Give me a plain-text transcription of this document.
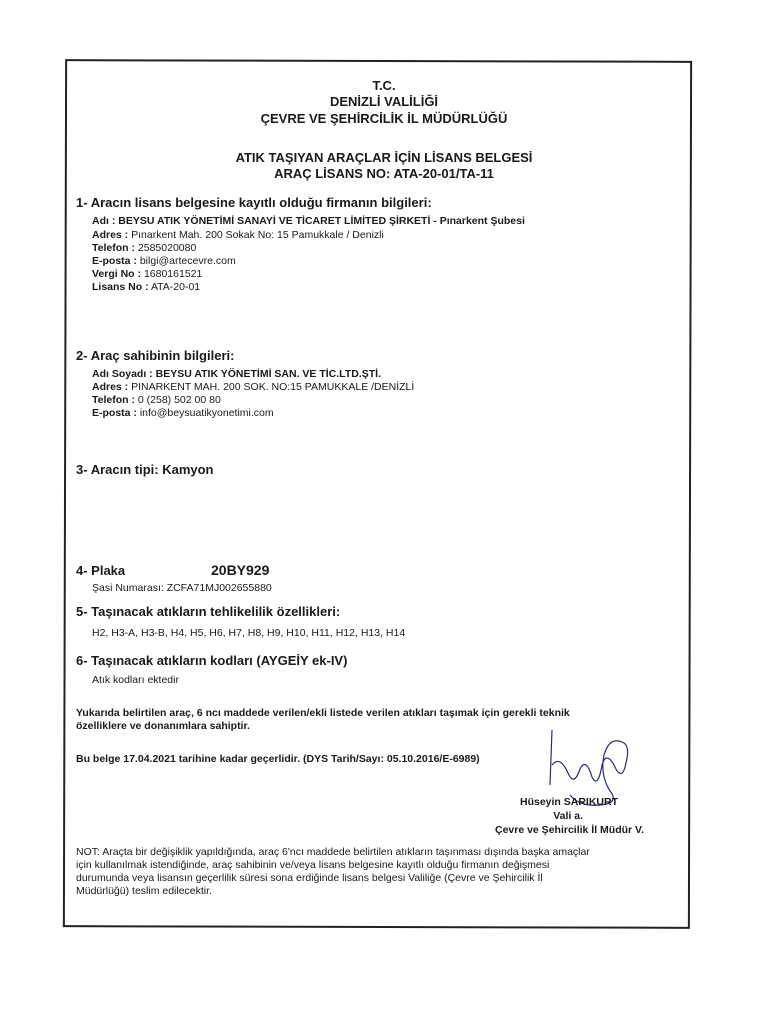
T.C.
DENİZLİ VALİLİĞİ
ÇEVRE VE ŞEHİRCİLİK İL MÜDÜRLÜĞÜ
ATIK TAŞIYAN ARAÇLAR İÇİN LİSANS BELGESİ
ARAÇ LİSANS NO: ATA-20-01/TA-11
1- Aracın lisans belgesine kayıtlı olduğu firmanın bilgileri:
Adı : BEYSU ATIK YÖNETİMİ SANAYİ VE TİCARET LİMİTED ŞİRKETİ - Pınarkent Şubesi
Adres : Pınarkent Mah. 200 Sokak No: 15 Pamukkale / Denizli
Telefon : 2585020080
E-posta : bilgi@artecevre.com
Vergi No : 1680161521
Lisans No : ATA-20-01
2- Araç sahibinin bilgileri:
Adı Soyadı : BEYSU ATIK YÖNETİMİ SAN. VE TİC.LTD.ŞTİ.
Adres : PINARKENT MAH. 200 SOK. NO:15 PAMUKKALE /DENİZLİ
Telefon : 0 (258) 502 00 80
E-posta : info@beysuatikyonetimi.com
3- Aracın tipi: Kamyon
4- Plaka	20BY929
Şasi Numarası: ZCFA71MJ002655880
5- Taşınacak atıkların tehlikelilik özellikleri:
H2, H3-A, H3-B, H4, H5, H6, H7, H8, H9, H10, H11, H12, H13, H14
6- Taşınacak atıkların kodları (AYGEİY ek-IV)
Atık kodları ektedir
Yukarıda belirtilen araç, 6 ncı maddede verilen/ekli listede verilen atıkları taşımak için gerekli teknik
özelliklere ve donanımlara sahiptir.
Bu belge 17.04.2021 tarihine kadar geçerlidir. (DYS Tarih/Sayı: 05.10.2016/E-6989)
Hüseyin SARIKURT
Vali a.
Çevre ve Şehircilik İl Müdür V.
NOT: Araçta bir değişiklik yapıldığında, araç 6'ncı maddede belirtilen atıkların taşınması dışında başka amaçlar
için kullanılmak istendiğinde, araç sahibinin ve/veya lisans belgesine kayıtlı olduğu firmanın değişmesi
durumunda veya lisansın geçerlilik süresi sona erdiğinde lisans belgesi Valiliğe (Çevre ve Şehircilik İl
Müdürlüğü) teslim edilecektir.
